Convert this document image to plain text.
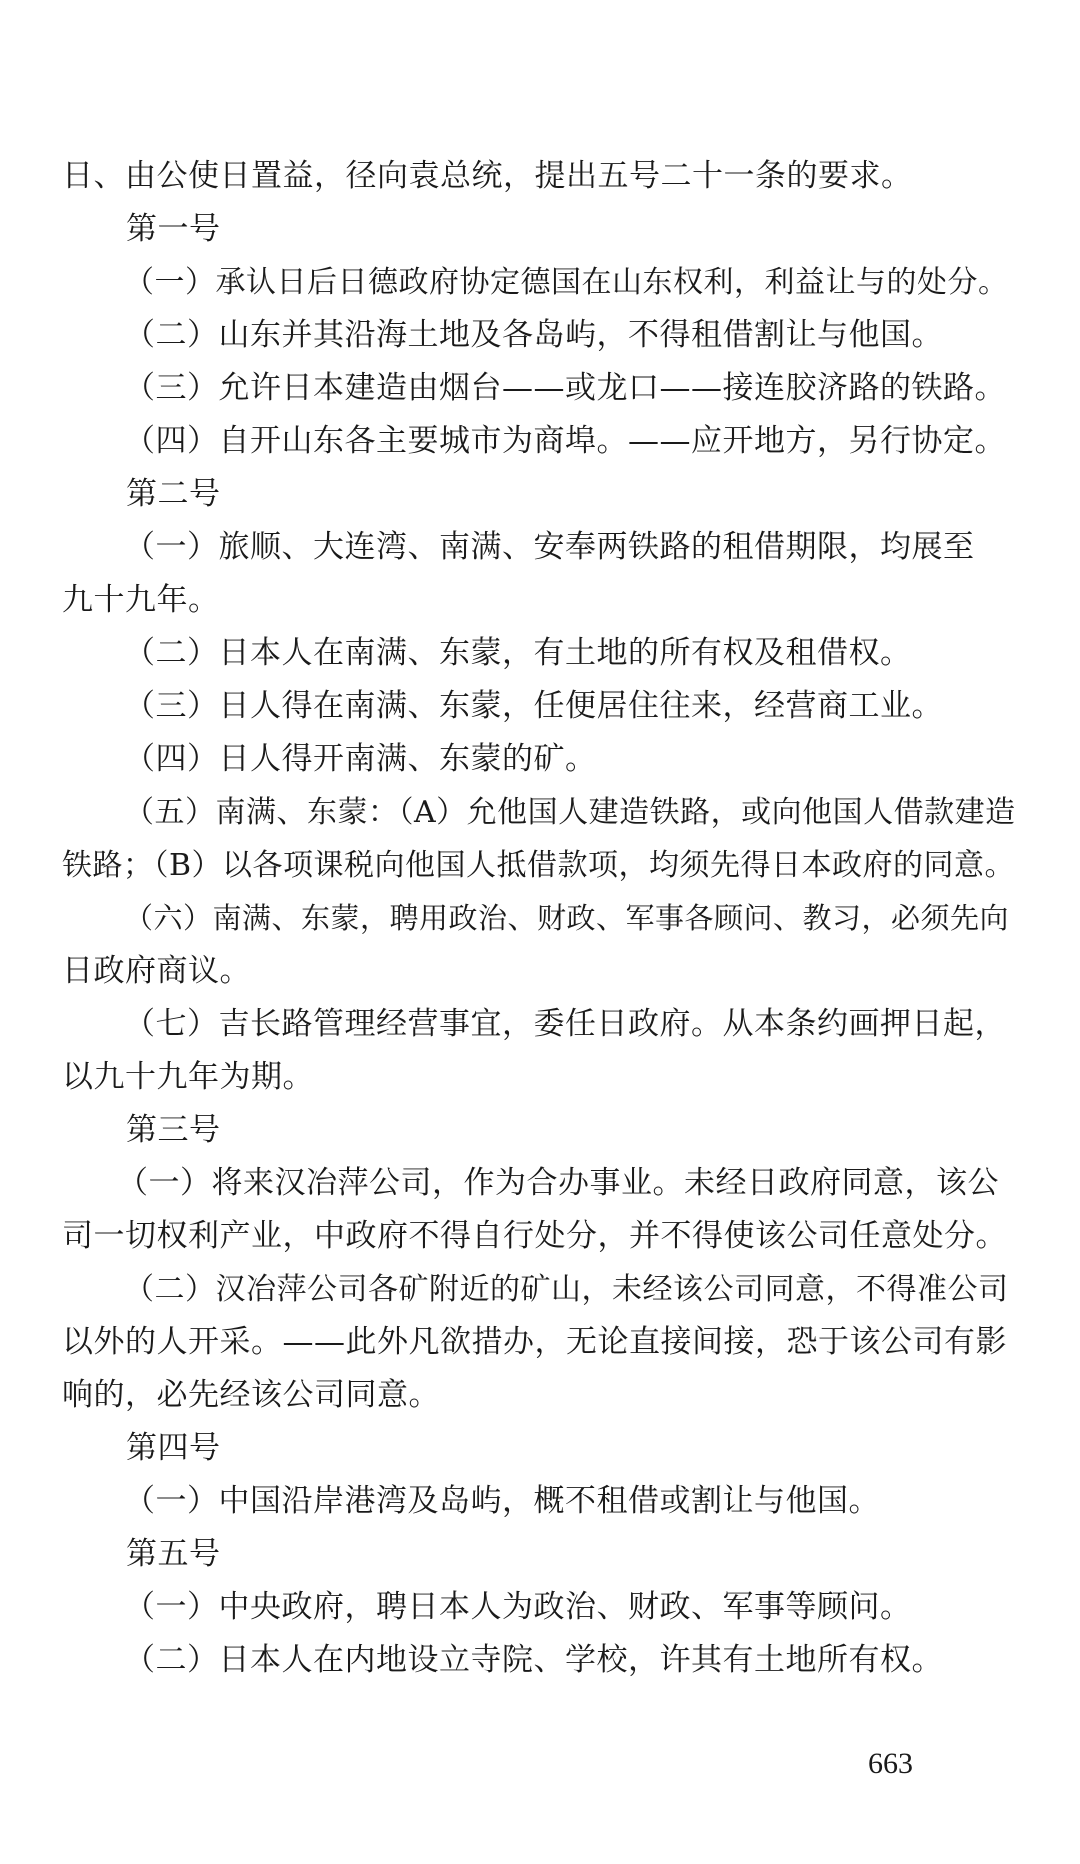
日、由公使日置益，径向袁总统，提出五号二十一条的要求。
第一号
（一）承认日后日德政府协定德国在山东权利，利益让与的处分。
（二）山东并其沿海土地及各岛屿，不得租借割让与他国。
（三）允许日本建造由烟台——或龙口——接连胶济路的铁路。
（四）自开山东各主要城市为商埠。——应开地方，另行协定。
第二号
（一）旅顺、大连湾、南满、安奉两铁路的租借期限，均展至
九十九年。
（二）日本人在南满、东蒙，有土地的所有权及租借权。
（三）日人得在南满、东蒙，任便居住往来，经营商工业。
（四）日人得开南满、东蒙的矿。
（五）南满、东蒙：（A）允他国人建造铁路，或向他国人借款建造
铁路；（B）以各项课税向他国人抵借款项，均须先得日本政府的同意。
（六）南满、东蒙，聘用政治、财政、军事各顾问、教习，必须先向
日政府商议。
（七）吉长路管理经营事宜，委任日政府。从本条约画押日起，
以九十九年为期。
第三号
（一）将来汉冶萍公司，作为合办事业。未经日政府同意，该公
司一切权利产业，中政府不得自行处分，并不得使该公司任意处分。
（二）汉冶萍公司各矿附近的矿山，未经该公司同意，不得准公司
以外的人开采。——此外凡欲措办，无论直接间接，恐于该公司有影
响的，必先经该公司同意。
第四号
（一）中国沿岸港湾及岛屿，概不租借或割让与他国。
第五号
（一）中央政府，聘日本人为政治、财政、军事等顾问。
（二）日本人在内地设立寺院、学校，许其有土地所有权。
663
